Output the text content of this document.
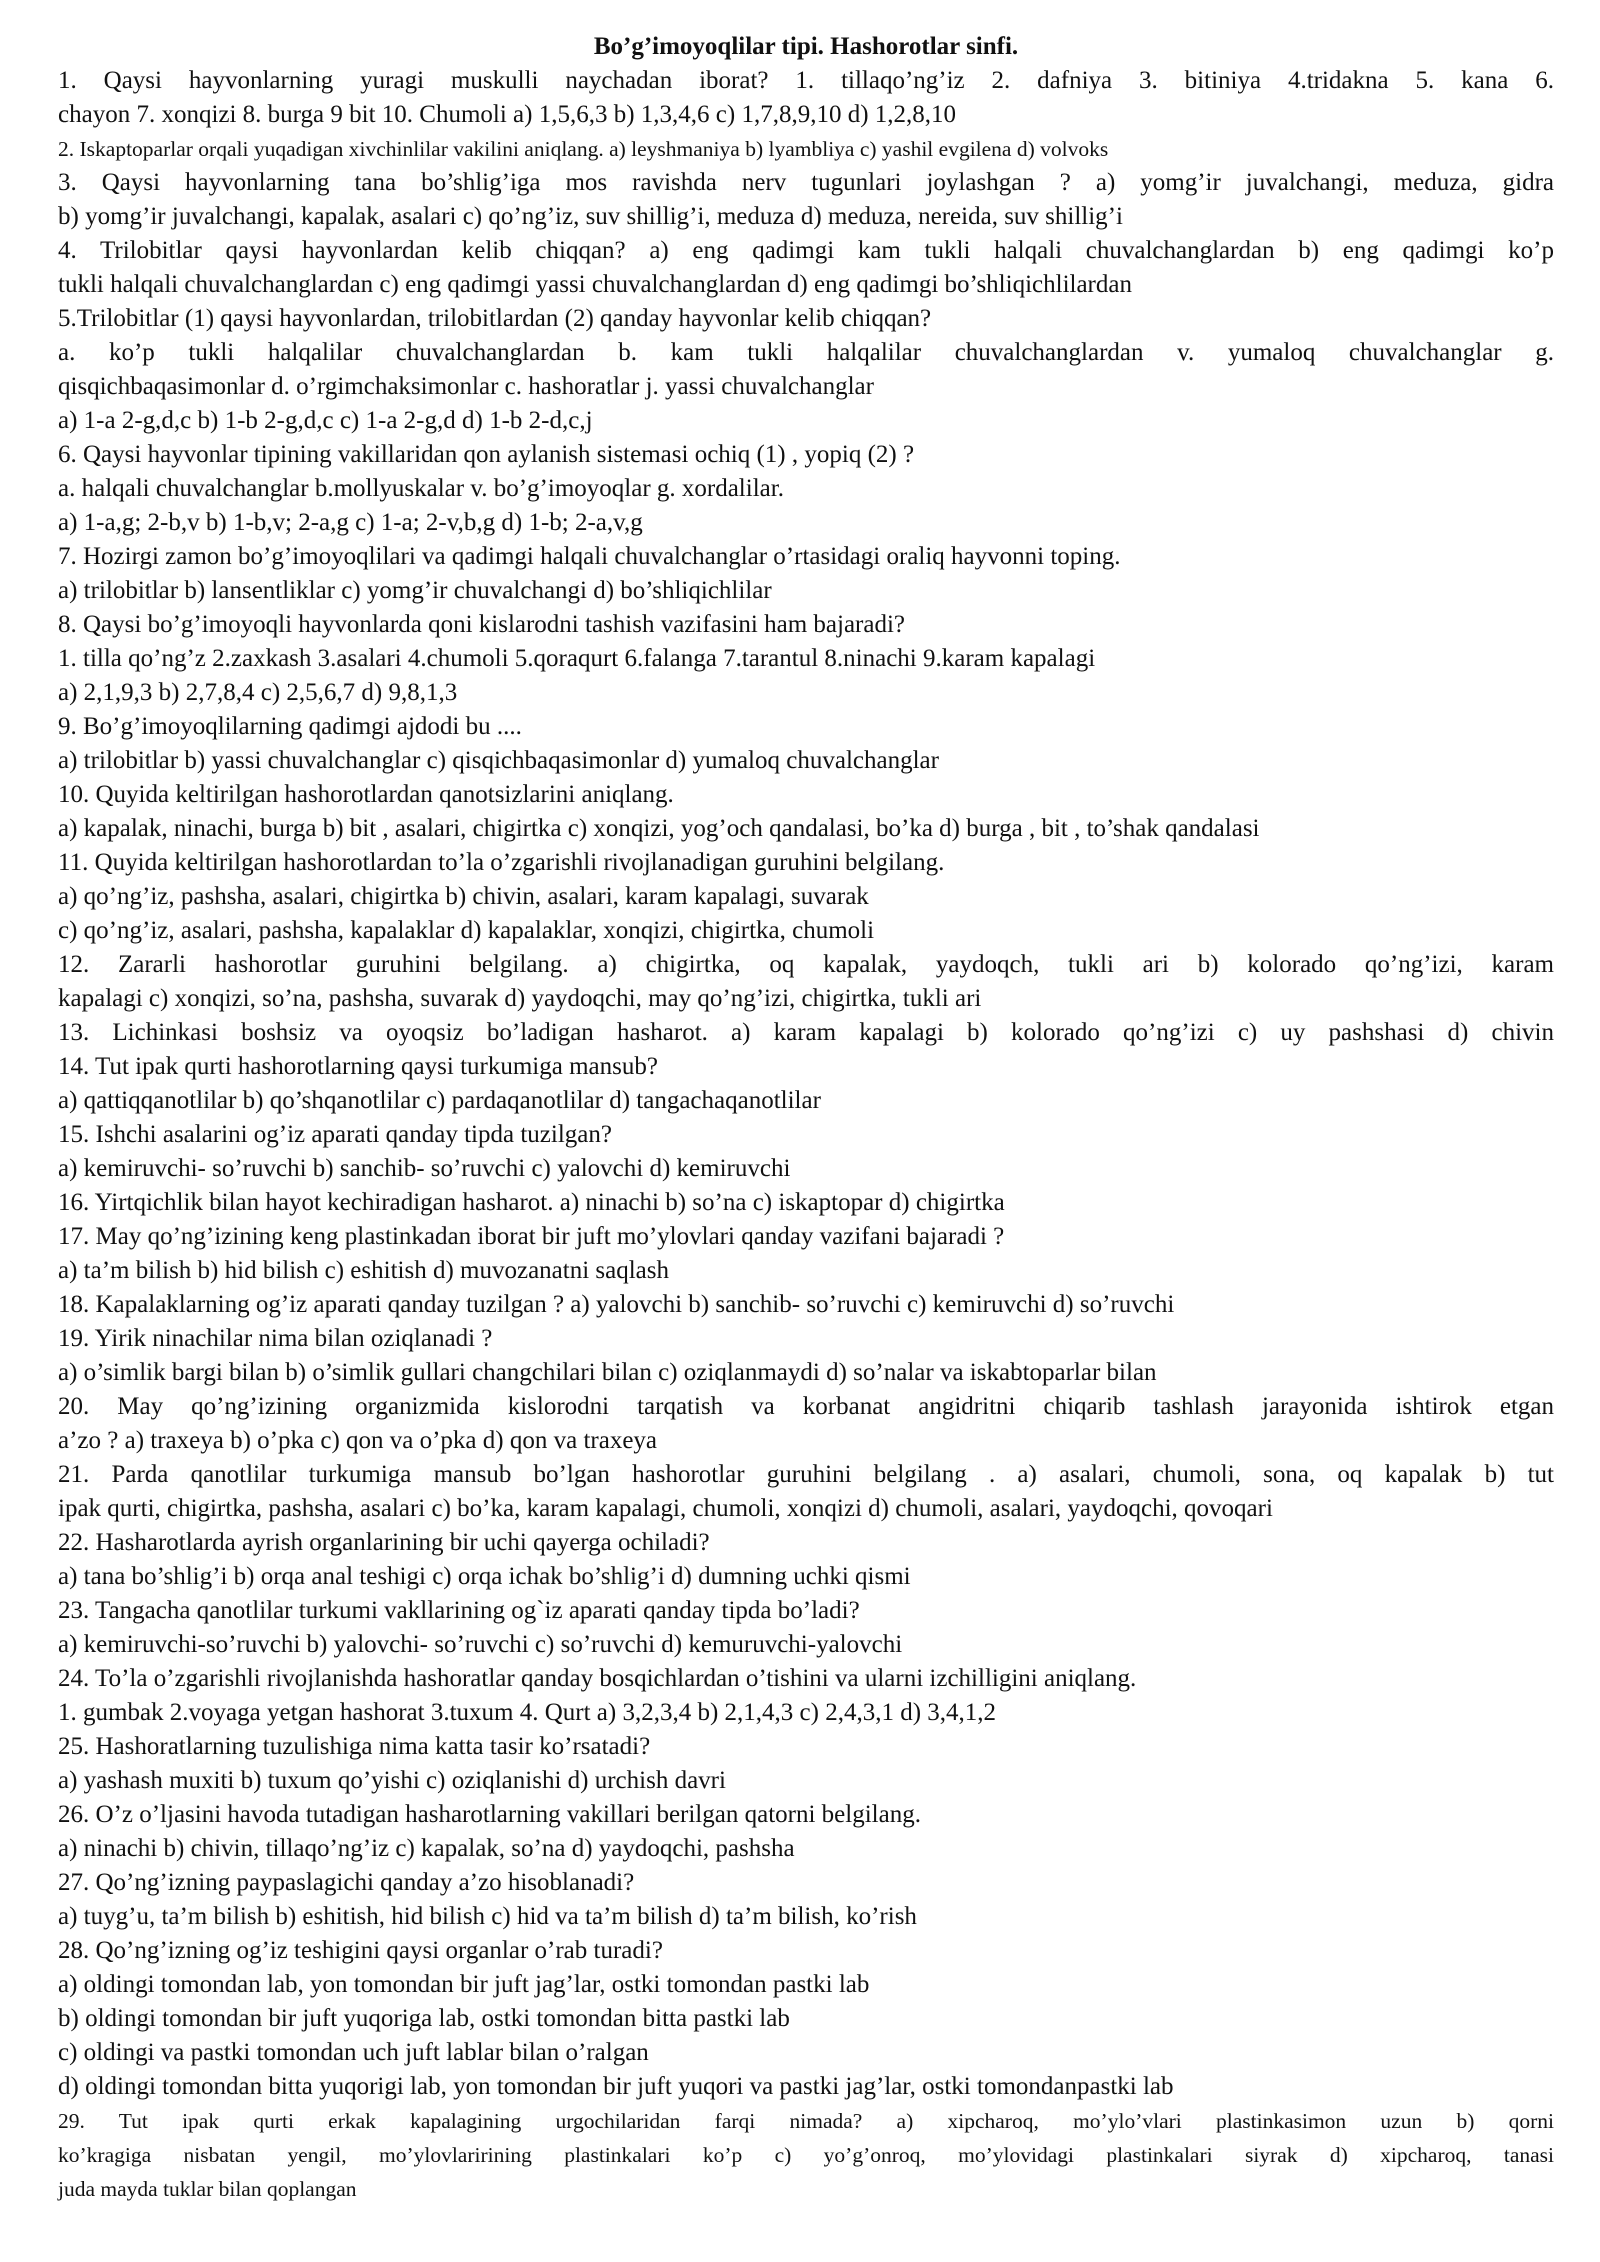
Bo’g’imoyoqlilar tipi. Hashorotlar sinfi.
1. Qaysi hayvonlarning yuragi muskulli naychadan iborat? 1. tillaqo’ng’iz 2. dafniya 3. bitiniya 4.tridakna 5. kana 6.
chayon 7. xonqizi 8. burga 9 bit 10. Chumoli a) 1,5,6,3 b) 1,3,4,6 c) 1,7,8,9,10 d) 1,2,8,10
2. Iskaptoparlar orqali yuqadigan xivchinlilar vakilini aniqlang. a) leyshmaniya b) lyambliya c) yashil evgilena d) volvoks
3. Qaysi hayvonlarning tana bo’shlig’iga mos ravishda nerv tugunlari joylashgan ? a) yomg’ir juvalchangi, meduza, gidra
b) yomg’ir juvalchangi, kapalak, asalari c) qo’ng’iz, suv shillig’i, meduza d) meduza, nereida, suv shillig’i
4. Trilobitlar qaysi hayvonlardan kelib chiqqan? a) eng qadimgi kam tukli halqali chuvalchanglardan b) eng qadimgi ko’p
tukli halqali chuvalchanglardan c) eng qadimgi yassi chuvalchanglardan d) eng qadimgi bo’shliqichlilardan
5.Trilobitlar (1) qaysi hayvonlardan, trilobitlardan (2) qanday hayvonlar kelib chiqqan?
a. ko’p tukli halqalilar chuvalchanglardan b. kam tukli halqalilar chuvalchanglardan v. yumaloq chuvalchanglar g.
qisqichbaqasimonlar d. o’rgimchaksimonlar c. hashoratlar j. yassi chuvalchanglar
a) 1-a 2-g,d,c b) 1-b 2-g,d,c c) 1-a 2-g,d d) 1-b 2-d,c,j
6. Qaysi hayvonlar tipining vakillaridan qon aylanish sistemasi ochiq (1) , yopiq (2) ?
a. halqali chuvalchanglar b.mollyuskalar v. bo’g’imoyoqlar g. xordalilar.
a) 1-a,g; 2-b,v b) 1-b,v; 2-a,g c) 1-a; 2-v,b,g d) 1-b; 2-a,v,g
7. Hozirgi zamon bo’g’imoyoqlilari va qadimgi halqali chuvalchanglar o’rtasidagi oraliq hayvonni toping.
a) trilobitlar b) lansentliklar c) yomg’ir chuvalchangi d) bo’shliqichlilar
8. Qaysi bo’g’imoyoqli hayvonlarda qoni kislarodni tashish vazifasini ham bajaradi?
1. tilla qo’ng’z 2.zaxkash 3.asalari 4.chumoli 5.qoraqurt 6.falanga 7.tarantul 8.ninachi 9.karam kapalagi
a) 2,1,9,3 b) 2,7,8,4 c) 2,5,6,7 d) 9,8,1,3
9. Bo’g’imoyoqlilarning qadimgi ajdodi bu ....
a) trilobitlar b) yassi chuvalchanglar c) qisqichbaqasimonlar d) yumaloq chuvalchanglar
10. Quyida keltirilgan hashorotlardan qanotsizlarini aniqlang.
a) kapalak, ninachi, burga b) bit , asalari, chigirtka c) xonqizi, yog’och qandalasi, bo’ka d) burga , bit , to’shak qandalasi
11. Quyida keltirilgan hashorotlardan to’la o’zgarishli rivojlanadigan guruhini belgilang.
a) qo’ng’iz, pashsha, asalari, chigirtka b) chivin, asalari, karam kapalagi, suvarak
c) qo’ng’iz, asalari, pashsha, kapalaklar d) kapalaklar, xonqizi, chigirtka, chumoli
12. Zararli hashorotlar guruhini belgilang. a) chigirtka, oq kapalak, yaydoqch, tukli ari b) kolorado qo’ng’izi, karam
kapalagi c) xonqizi, so’na, pashsha, suvarak d) yaydoqchi, may qo’ng’izi, chigirtka, tukli ari
13. Lichinkasi boshsiz va oyoqsiz bo’ladigan hasharot. a) karam kapalagi b) kolorado qo’ng’izi c) uy pashshasi d) chivin
14. Tut ipak qurti hashorotlarning qaysi turkumiga mansub?
a) qattiqqanotlilar b) qo’shqanotlilar c) pardaqanotlilar d) tangachaqanotlilar
15. Ishchi asalarini og’iz aparati qanday tipda tuzilgan?
a) kemiruvchi- so’ruvchi b) sanchib- so’ruvchi c) yalovchi d) kemiruvchi
16. Yirtqichlik bilan hayot kechiradigan hasharot. a) ninachi b) so’na c) iskaptopar d) chigirtka
17. May qo’ng’izining keng plastinkadan iborat bir juft mo’ylovlari qanday vazifani bajaradi ?
a) ta’m bilish b) hid bilish c) eshitish d) muvozanatni saqlash
18. Kapalaklarning og’iz aparati qanday tuzilgan ? a) yalovchi b) sanchib- so’ruvchi c) kemiruvchi d) so’ruvchi
19. Yirik ninachilar nima bilan oziqlanadi ?
a) o’simlik bargi bilan b) o’simlik gullari changchilari bilan c) oziqlanmaydi d) so’nalar va iskabtoparlar bilan
20. May qo’ng’izining organizmida kislorodni tarqatish va korbanat angidritni chiqarib tashlash jarayonida ishtirok etgan
a’zo ? a) traxeya b) o’pka c) qon va o’pka d) qon va traxeya
21. Parda qanotlilar turkumiga mansub bo’lgan hashorotlar guruhini belgilang . a) asalari, chumoli, sona, oq kapalak b) tut
ipak qurti, chigirtka, pashsha, asalari c) bo’ka, karam kapalagi, chumoli, xonqizi d) chumoli, asalari, yaydoqchi, qovoqari
22. Hasharotlarda ayrish organlarining bir uchi qayerga ochiladi?
a) tana bo’shlig’i b) orqa anal teshigi c) orqa ichak bo’shlig’i d) dumning uchki qismi
23. Tangacha qanotlilar turkumi vakllarining og`iz aparati qanday tipda bo’ladi?
a) kemiruvchi-so’ruvchi b) yalovchi- so’ruvchi c) so’ruvchi d) kemuruvchi-yalovchi
24. To’la o’zgarishli rivojlanishda hashoratlar qanday bosqichlardan o’tishini va ularni izchilligini aniqlang.
1. gumbak 2.voyaga yetgan hashorat 3.tuxum 4. Qurt a) 3,2,3,4 b) 2,1,4,3 c) 2,4,3,1 d) 3,4,1,2
25. Hashoratlarning tuzulishiga nima katta tasir ko’rsatadi?
a) yashash muxiti b) tuxum qo’yishi c) oziqlanishi d) urchish davri
26. O’z o’ljasini havoda tutadigan hasharotlarning vakillari berilgan qatorni belgilang.
a) ninachi b) chivin, tillaqo’ng’iz c) kapalak, so’na d) yaydoqchi, pashsha
27. Qo’ng’izning paypaslagichi qanday a’zo hisoblanadi?
a) tuyg’u, ta’m bilish b) eshitish, hid bilish c) hid va ta’m bilish d) ta’m bilish, ko’rish
28. Qo’ng’izning og’iz teshigini qaysi organlar o’rab turadi?
a) oldingi tomondan lab, yon tomondan bir juft jag’lar, ostki tomondan pastki lab
b) oldingi tomondan bir juft yuqoriga lab, ostki tomondan bitta pastki lab
c) oldingi va pastki tomondan uch juft lablar bilan o’ralgan
d) oldingi tomondan bitta yuqorigi lab, yon tomondan bir juft yuqori va pastki jag’lar, ostki tomondanpastki lab
29. Tut ipak qurti erkak kapalagining urgochilaridan farqi nimada? a) xipcharoq, mo’ylo’vlari plastinkasimon uzun b) qorni
ko’kragiga nisbatan yengil, mo’ylovlaririning plastinkalari ko’p c) yo’g’onroq, mo’ylovidagi plastinkalari siyrak d) xipcharoq, tanasi
juda mayda tuklar bilan qoplangan
